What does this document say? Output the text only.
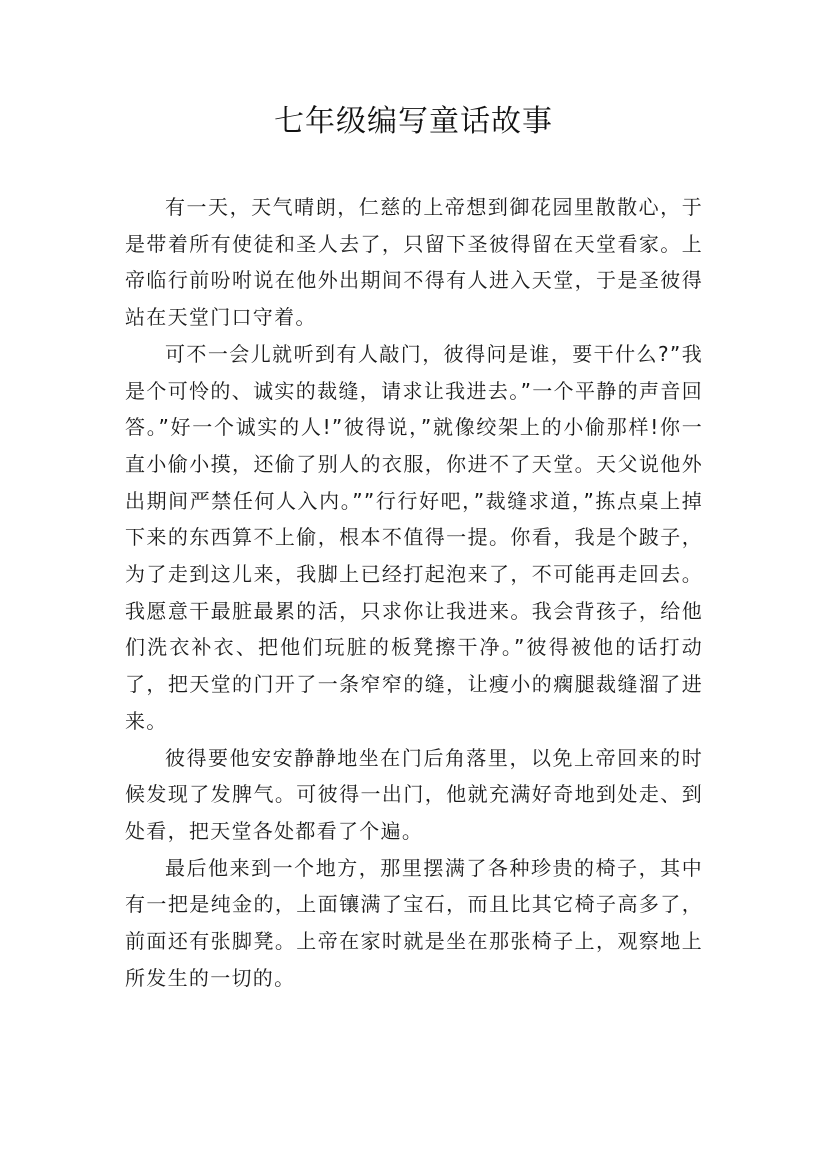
七年级编写童话故事

有一天，天气晴朗，仁慈的上帝想到御花园里散散心，于是带着所有使徒和圣人去了，只留下圣彼得留在天堂看家。上帝临行前吩咐说在他外出期间不得有人进入天堂，于是圣彼得站在天堂门口守着。

可不一会儿就听到有人敲门，彼得问是谁，要干什么?”我是个可怜的、诚实的裁缝，请求让我进去。”一个平静的声音回答。”好一个诚实的人!”彼得说，”就像绞架上的小偷那样!你一直小偷小摸，还偷了别人的衣服，你进不了天堂。天父说他外出期间严禁任何人入内。””行行好吧，”裁缝求道，”拣点桌上掉下来的东西算不上偷，根本不值得一提。你看，我是个跛子，为了走到这儿来，我脚上已经打起泡来了，不可能再走回去。我愿意干最脏最累的活，只求你让我进来。我会背孩子，给他们洗衣补衣、把他们玩脏的板凳擦干净。”彼得被他的话打动了，把天堂的门开了一条窄窄的缝，让瘦小的瘸腿裁缝溜了进来。

彼得要他安安静静地坐在门后角落里，以免上帝回来的时候发现了发脾气。可彼得一出门，他就充满好奇地到处走、到处看，把天堂各处都看了个遍。

最后他来到一个地方，那里摆满了各种珍贵的椅子，其中有一把是纯金的，上面镶满了宝石，而且比其它椅子高多了，前面还有张脚凳。上帝在家时就是坐在那张椅子上，观察地上所发生的一切的。
